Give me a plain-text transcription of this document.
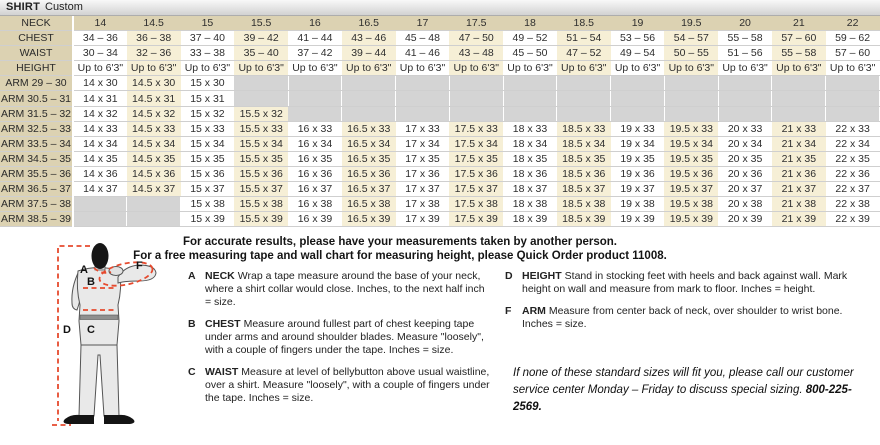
SHIRT Custom
NECK	14	14.5	15	15.5	16	16.5	17	17.5	18	18.5	19	19.5	20	21	22
CHEST	34 – 36	36 – 38	37 – 40	39 – 42	41 – 44	43 – 46	45 – 48	47 – 50	49 – 52	51 – 54	53 – 56	54 – 57	55 – 58	57 – 60	59 – 62
WAIST	30 – 34	32 – 36	33 – 38	35 – 40	37 – 42	39 – 44	41 – 46	43 – 48	45 – 50	47 – 52	49 – 54	50 – 55	51 – 56	55 – 58	57 – 60
HEIGHT	Up to 6'3"	Up to 6'3"	Up to 6'3"	Up to 6'3"	Up to 6'3"	Up to 6'3"	Up to 6'3"	Up to 6'3"	Up to 6'3"	Up to 6'3"	Up to 6'3"	Up to 6'3"	Up to 6'3"	Up to 6'3"	Up to 6'3"
ARM 29 – 30	14 x 30	14.5 x 30	15 x 30												
ARM 30.5 – 31	14 x 31	14.5 x 31	15 x 31												
ARM 31.5 – 32	14 x 32	14.5 x 32	15 x 32	15.5 x 32											
ARM 32.5 – 33	14 x 33	14.5 x 33	15 x 33	15.5 x 33	16 x 33	16.5 x 33	17 x 33	17.5 x 33	18 x 33	18.5 x 33	19 x 33	19.5 x 33	20 x 33	21 x 33	22 x 33
ARM 33.5 – 34	14 x 34	14.5 x 34	15 x 34	15.5 x 34	16 x 34	16.5 x 34	17 x 34	17.5 x 34	18 x 34	18.5 x 34	19 x 34	19.5 x 34	20 x 34	21 x 34	22 x 34
ARM 34.5 – 35	14 x 35	14.5 x 35	15 x 35	15.5 x 35	16 x 35	16.5 x 35	17 x 35	17.5 x 35	18 x 35	18.5 x 35	19 x 35	19.5 x 35	20 x 35	21 x 35	22 x 35
ARM 35.5 – 36	14 x 36	14.5 x 36	15 x 36	15.5 x 36	16 x 36	16.5 x 36	17 x 36	17.5 x 36	18 x 36	18.5 x 36	19 x 36	19.5 x 36	20 x 36	21 x 36	22 x 36
ARM 36.5 – 37	14 x 37	14.5 x 37	15 x 37	15.5 x 37	16 x 37	16.5 x 37	17 x 37	17.5 x 37	18 x 37	18.5 x 37	19 x 37	19.5 x 37	20 x 37	21 x 37	22 x 37
ARM 37.5 – 38			15 x 38	15.5 x 38	16 x 38	16.5 x 38	17 x 38	17.5 x 38	18 x 38	18.5 x 38	19 x 38	19.5 x 38	20 x 38	21 x 38	22 x 38
ARM 38.5 – 39			15 x 39	15.5 x 39	16 x 39	16.5 x 39	17 x 39	17.5 x 39	18 x 39	18.5 x 39	19 x 39	19.5 x 39	20 x 39	21 x 39	22 x 39
A	F
B
C
D
For accurate results, please have your measurements taken by another person.
For a free measuring tape and wall chart for measuring height, please Quick Order product 11008.
A NECK Wrap a tape measure around the base of your neck, where a shirt collar would close. Inches, to the next half inch = size.

B CHEST Measure around fullest part of chest keeping tape under arms and around shoulder blades. Measure "loosely", with a couple of fingers under the tape. Inches = size.

C WAIST Measure at level of bellybutton above usual waistline, over a shirt. Measure "loosely", with a couple of fingers under the tape. Inches = size.

D HEIGHT Stand in stocking feet with heels and back against wall. Mark height on wall and measure from mark to floor. Inches = height.

F	ARM Measure from center back of neck, over shoulder to wrist bone. Inches = size.

If none of these standard sizes will fit you, please call our customer service center Monday – Friday to discuss special sizing. 800-225-2569.
